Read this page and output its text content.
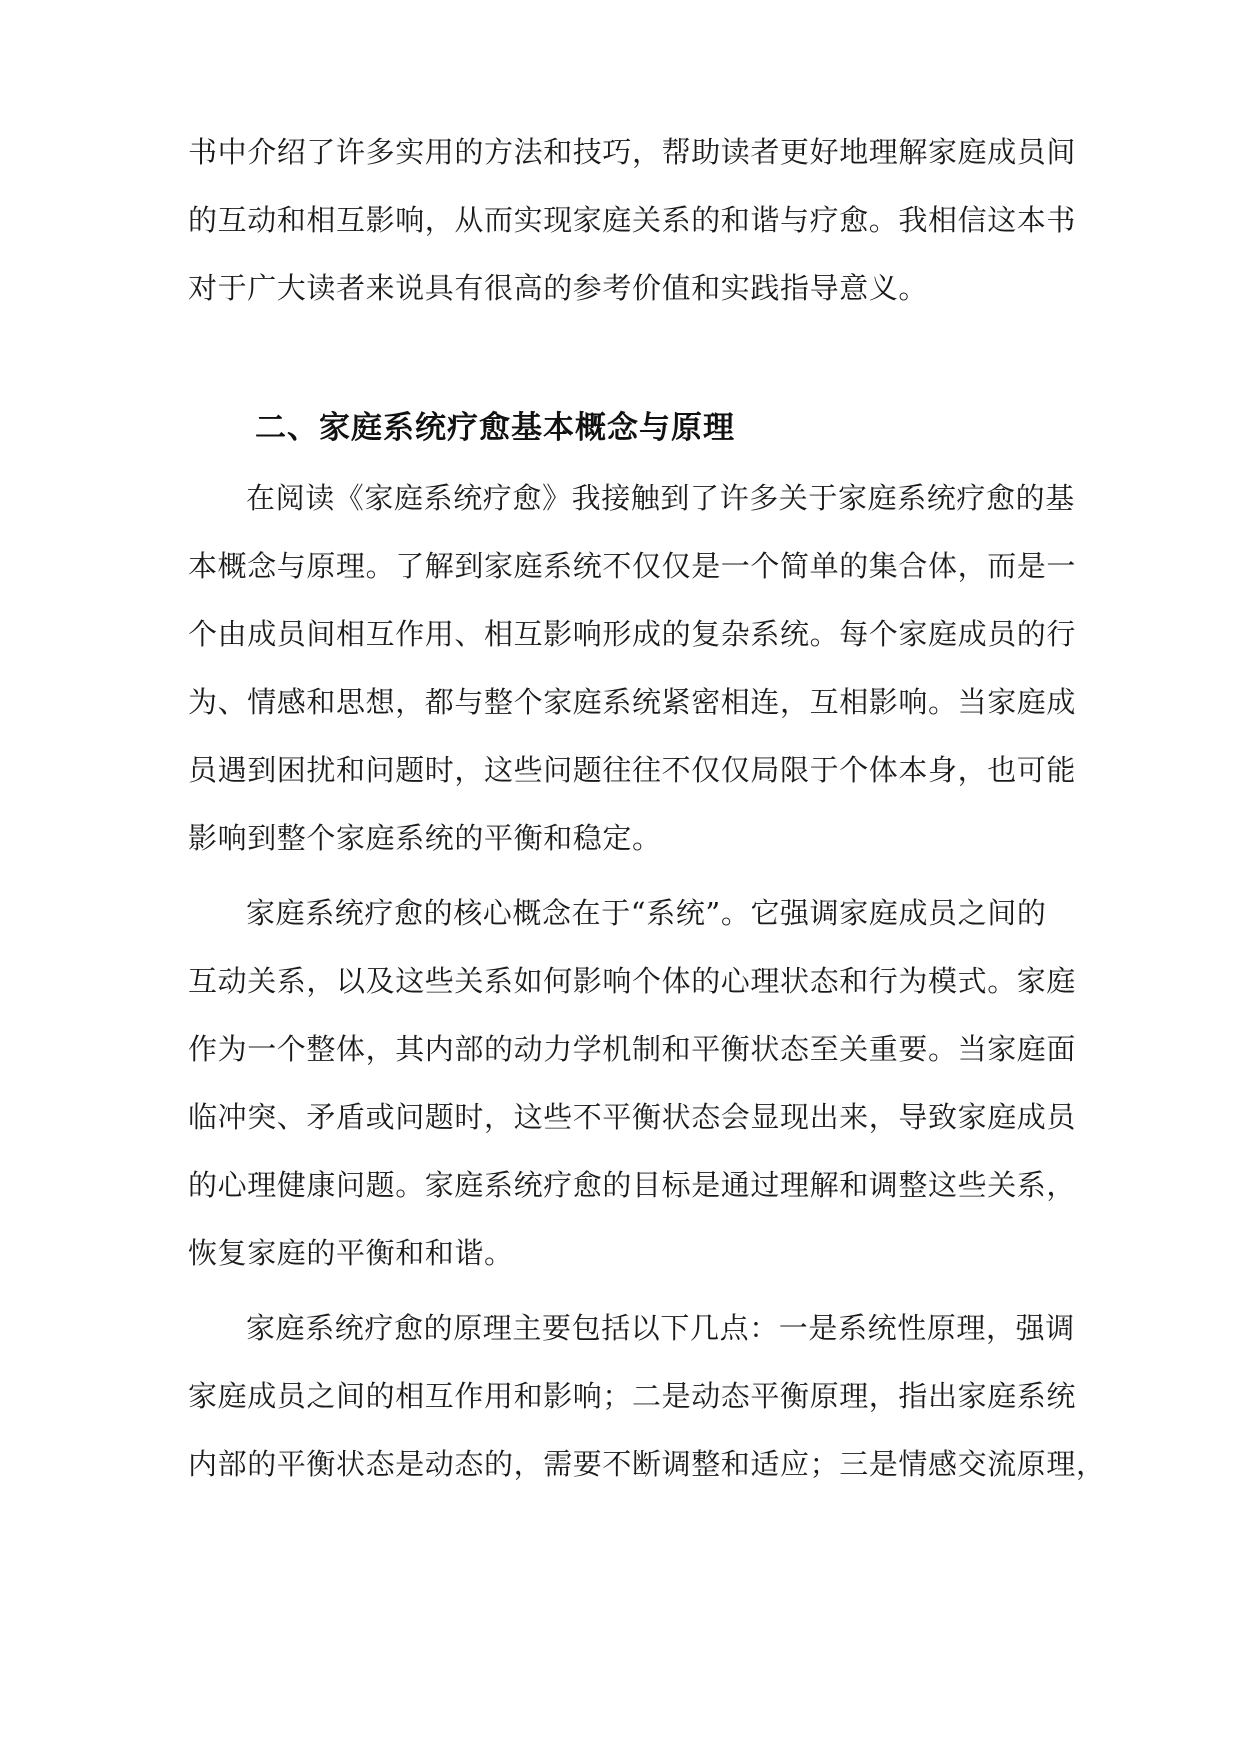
书中介绍了许多实用的方法和技巧，帮助读者更好地理解家庭成员间
的互动和相互影响，从而实现家庭关系的和谐与疗愈。我相信这本书
对于广大读者来说具有很高的参考价值和实践指导意义。
二、家庭系统疗愈基本概念与原理
在阅读《家庭系统疗愈》我接触到了许多关于家庭系统疗愈的基
本概念与原理。了解到家庭系统不仅仅是一个简单的集合体，而是一
个由成员间相互作用、相互影响形成的复杂系统。每个家庭成员的行
为、情感和思想，都与整个家庭系统紧密相连，互相影响。当家庭成
员遇到困扰和问题时，这些问题往往不仅仅局限于个体本身，也可能
影响到整个家庭系统的平衡和稳定。
家庭系统疗愈的核心概念在于“系统”。它强调家庭成员之间的
互动关系，以及这些关系如何影响个体的心理状态和行为模式。家庭
作为一个整体，其内部的动力学机制和平衡状态至关重要。当家庭面
临冲突、矛盾或问题时，这些不平衡状态会显现出来，导致家庭成员
的心理健康问题。家庭系统疗愈的目标是通过理解和调整这些关系，
恢复家庭的平衡和和谐。
家庭系统疗愈的原理主要包括以下几点：一是系统性原理，强调
家庭成员之间的相互作用和影响；二是动态平衡原理，指出家庭系统
内部的平衡状态是动态的，需要不断调整和适应；三是情感交流原理，
